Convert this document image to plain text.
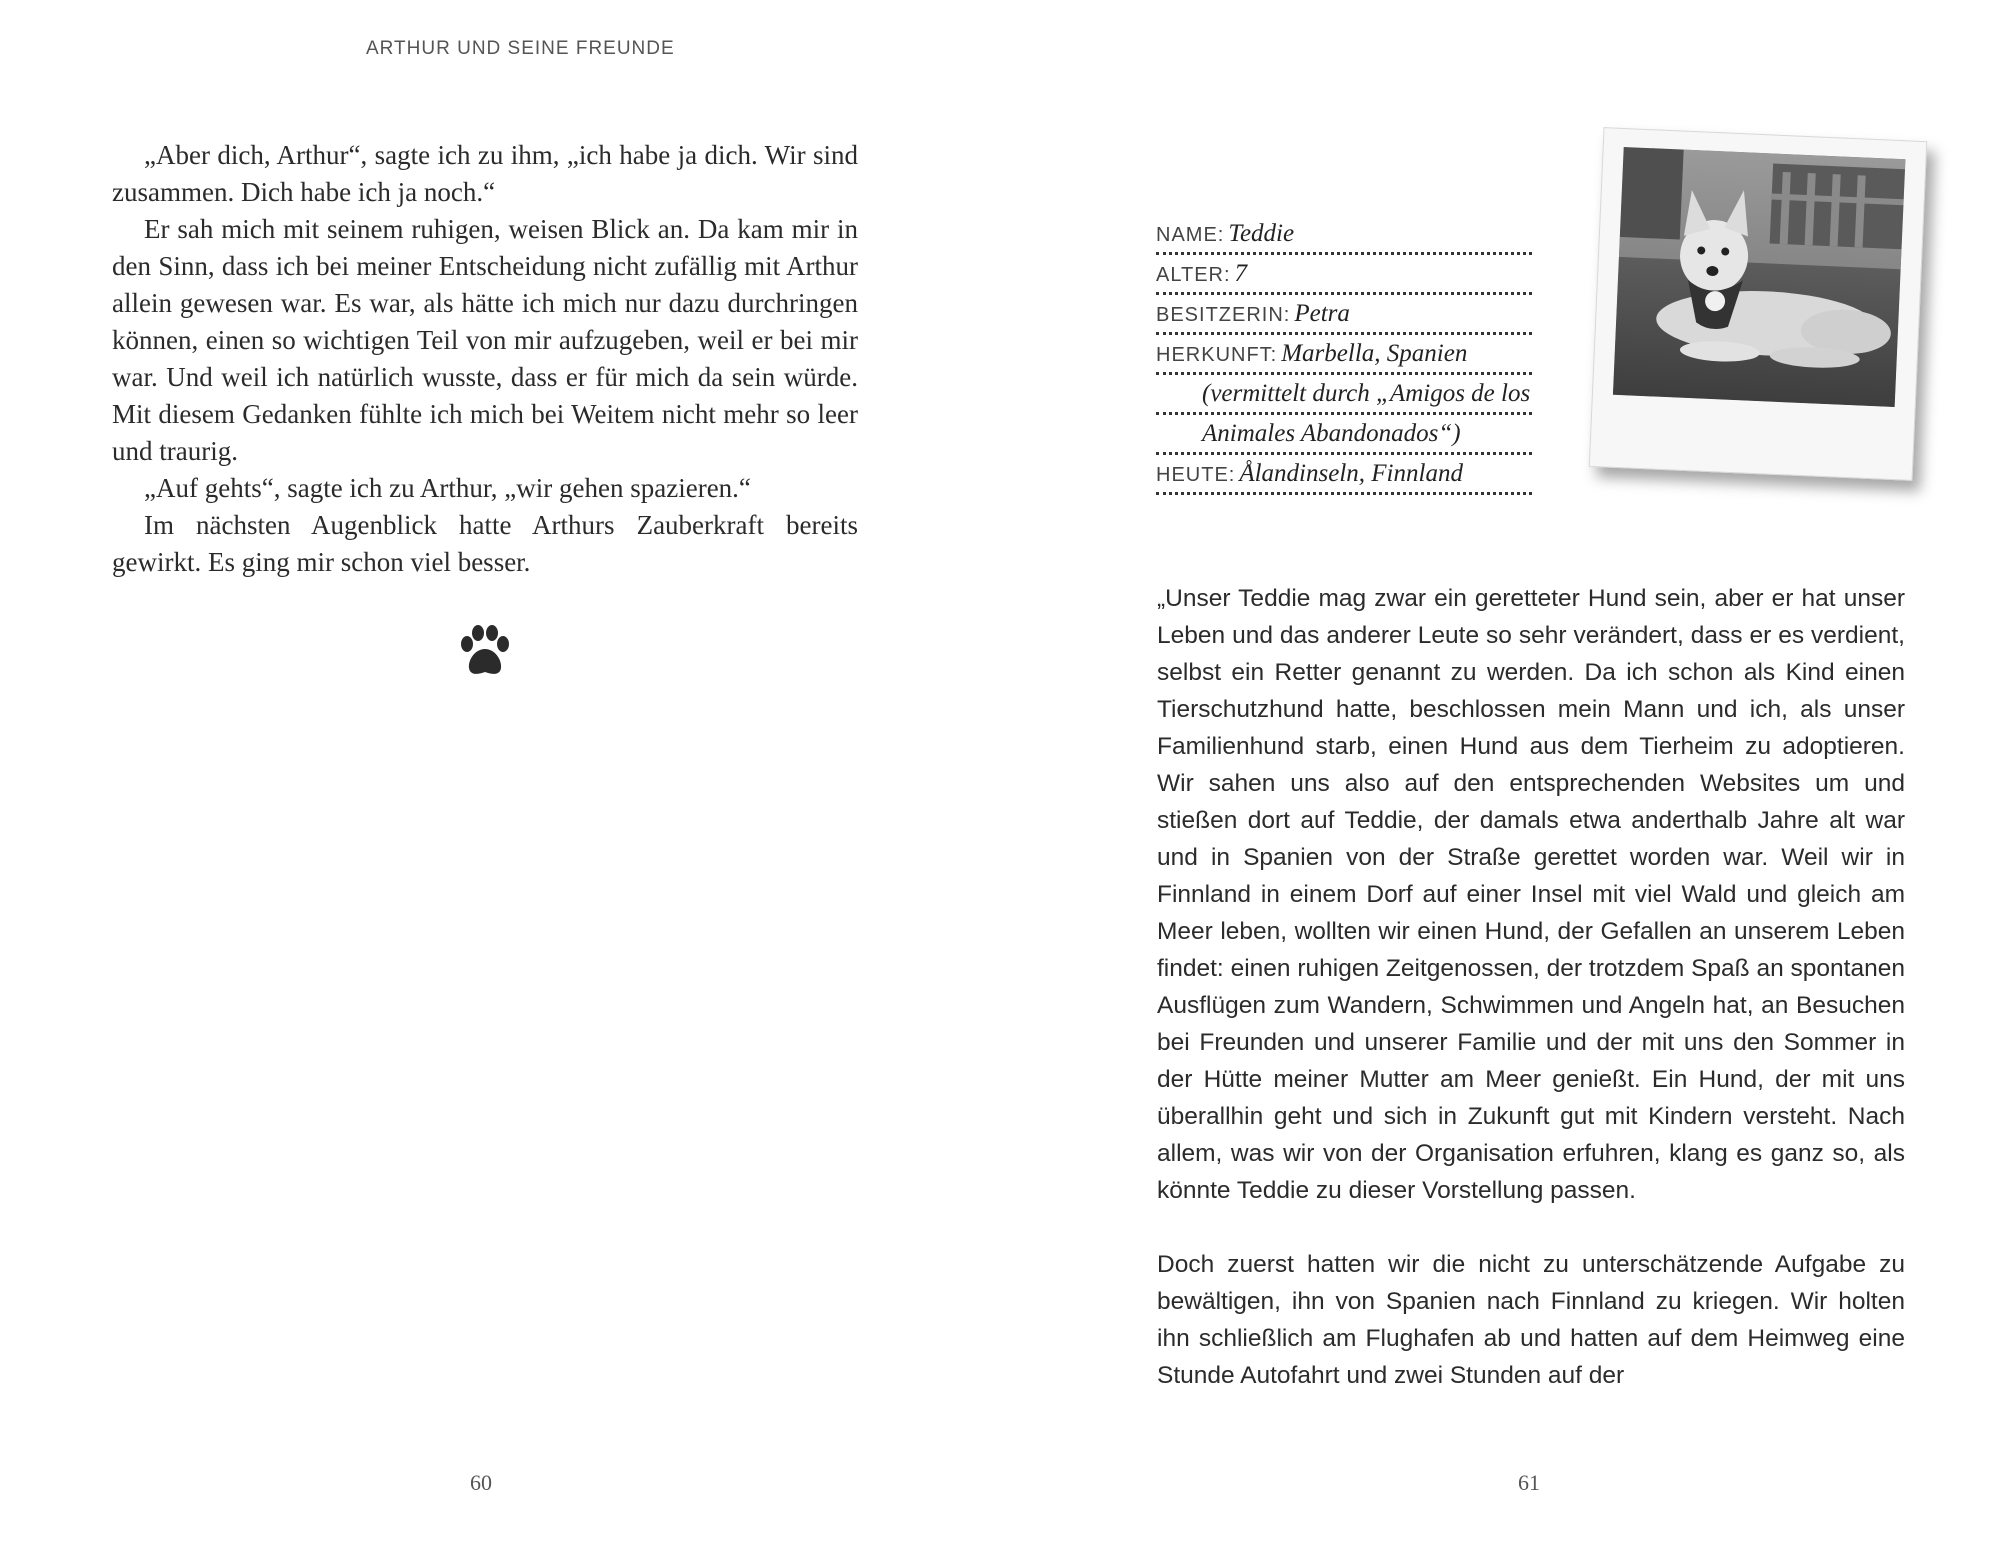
ARTHUR UND SEINE FREUNDE

„Aber dich, Arthur“, sagte ich zu ihm, „ich habe ja dich. Wir sind zusammen. Dich habe ich ja noch.“

Er sah mich mit seinem ruhigen, weisen Blick an. Da kam mir in den Sinn, dass ich bei meiner Entscheidung nicht zufällig mit Arthur allein gewesen war. Es war, als hätte ich mich nur dazu durchringen können, einen so wichtigen Teil von mir aufzugeben, weil er bei mir war. Und weil ich natürlich wusste, dass er für mich da sein würde. Mit diesem Gedanken fühlte ich mich bei Weitem nicht mehr so leer und traurig.

„Auf gehts“, sagte ich zu Arthur, „wir gehen spazieren.“

Im nächsten Augenblick hatte Arthurs Zauberkraft bereits gewirkt. Es ging mir schon viel besser.

60

NAME: Teddie
ALTER: 7
BESITZERIN: Petra
HERKUNFT: Marbella, Spanien
(vermittelt durch „Amigos de los
Animales Abandonados“)
HEUTE: Ålandinseln, Finnland

„Unser Teddie mag zwar ein geretteter Hund sein, aber er hat unser Leben und das anderer Leute so sehr verändert, dass er es verdient, selbst ein Retter genannt zu werden. Da ich schon als Kind einen Tierschutzhund hatte, beschlossen mein Mann und ich, als unser Familienhund starb, einen Hund aus dem Tierheim zu adoptieren. Wir sahen uns also auf den entsprechenden Websites um und stießen dort auf Teddie, der damals etwa anderthalb Jahre alt war und in Spanien von der Straße gerettet worden war. Weil wir in Finnland in einem Dorf auf einer Insel mit viel Wald und gleich am Meer leben, wollten wir einen Hund, der Gefallen an unserem Leben findet: einen ruhigen Zeitgenossen, der trotzdem Spaß an spontanen Ausflügen zum Wandern, Schwimmen und Angeln hat, an Besuchen bei Freunden und unserer Familie und der mit uns den Sommer in der Hütte meiner Mutter am Meer genießt. Ein Hund, der mit uns überallhin geht und sich in Zukunft gut mit Kindern versteht. Nach allem, was wir von der Organisation erfuhren, klang es ganz so, als könnte Teddie zu dieser Vorstellung passen.

Doch zuerst hatten wir die nicht zu unterschätzende Aufgabe zu bewältigen, ihn von Spanien nach Finnland zu kriegen. Wir holten ihn schließlich am Flughafen ab und hatten auf dem Heimweg eine Stunde Autofahrt und zwei Stunden auf der

61
